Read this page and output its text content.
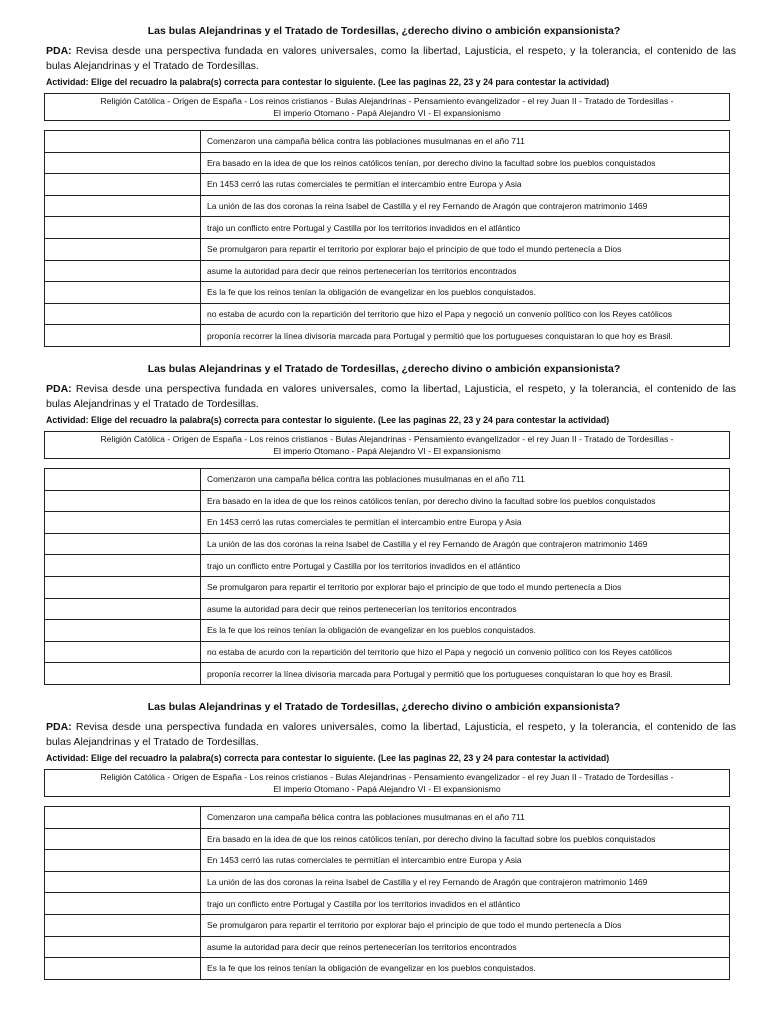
Las bulas Alejandrinas y el Tratado de Tordesillas, ¿derecho divino o ambición expansionista?
PDA: Revisa desde una perspectiva fundada en valores universales, como la libertad, Lajusticia, el respeto, y la tolerancia, el contenido de las bulas Alejandrinas y el Tratado de Tordesillas.
Actividad: Elige del recuadro la palabra(s) correcta para contestar lo siguiente. (Lee las paginas 22, 23 y 24 para contestar la actividad)
Religión Católica - Origen de España - Los reinos cristianos - Bulas Alejandrinas - Pensamiento evangelizador - el rey Juan II - Tratado de Tordesillas -
El imperio Otomano - Papá Alejandro VI - El expansionismo
	Comenzaron una campaña bélica contra las poblaciones musulmanas en el año 711
	Era basado en la idea de que los reinos católicos tenían, por derecho divino la facultad sobre los pueblos conquistados
	En 1453 cerró las rutas comerciales te permitían el intercambio entre Europa y Asia
	La unión de las dos coronas la reina Isabel de Castilla y el rey Fernando de Aragón que contrajeron matrimonio 1469
	trajo un conflicto entre Portugal y Castilla por los territorios invadidos en el atlántico
	Se promulgaron para repartir el territorio por explorar bajo el principio de que todo el mundo pertenecía a Dios
	asume la autoridad para decir que reinos pertenecerían los territorios encontrados
	Es la fe que los reinos tenían la obligación de evangelizar en los pueblos conquistados.
	no estaba de acurdo con la repartición del territorio que hizo el Papa y negoció un convenio político con los Reyes católicos
	proponía recorrer la línea divisoria marcada para Portugal y permitió que los portugueses conquistaran lo que hoy es Brasil.
Las bulas Alejandrinas y el Tratado de Tordesillas, ¿derecho divino o ambición expansionista?
PDA: Revisa desde una perspectiva fundada en valores universales, como la libertad, Lajusticia, el respeto, y la tolerancia, el contenido de las bulas Alejandrinas y el Tratado de Tordesillas.
Actividad: Elige del recuadro la palabra(s) correcta para contestar lo siguiente. (Lee las paginas 22, 23 y 24 para contestar la actividad)
Religión Católica - Origen de España - Los reinos cristianos - Bulas Alejandrinas - Pensamiento evangelizador - el rey Juan II - Tratado de Tordesillas -
El imperio Otomano - Papá Alejandro VI - El expansionismo
	Comenzaron una campaña bélica contra las poblaciones musulmanas en el año 711
	Era basado en la idea de que los reinos católicos tenían, por derecho divino la facultad sobre los pueblos conquistados
	En 1453 cerró las rutas comerciales te permitían el intercambio entre Europa y Asia
	La unión de las dos coronas la reina Isabel de Castilla y el rey Fernando de Aragón que contrajeron matrimonio 1469
	trajo un conflicto entre Portugal y Castilla por los territorios invadidos en el atlántico
	Se promulgaron para repartir el territorio por explorar bajo el principio de que todo el mundo pertenecía a Dios
	asume la autoridad para decir que reinos pertenecerían los territorios encontrados
	Es la fe que los reinos tenían la obligación de evangelizar en los pueblos conquistados.
	no estaba de acurdo con la repartición del territorio que hizo el Papa y negoció un convenio político con los Reyes católicos
	proponía recorrer la línea divisoria marcada para Portugal y permitió que los portugueses conquistaran lo que hoy es Brasil.
Las bulas Alejandrinas y el Tratado de Tordesillas, ¿derecho divino o ambición expansionista?
PDA: Revisa desde una perspectiva fundada en valores universales, como la libertad, Lajusticia, el respeto, y la tolerancia, el contenido de las bulas Alejandrinas y el Tratado de Tordesillas.
Actividad: Elige del recuadro la palabra(s) correcta para contestar lo siguiente. (Lee las paginas 22, 23 y 24 para contestar la actividad)
Religión Católica - Origen de España - Los reinos cristianos - Bulas Alejandrinas - Pensamiento evangelizador - el rey Juan II - Tratado de Tordesillas -
El imperio Otomano - Papá Alejandro VI - El expansionismo
	Comenzaron una campaña bélica contra las poblaciones musulmanas en el año 711
	Era basado en la idea de que los reinos católicos tenían, por derecho divino la facultad sobre los pueblos conquistados
	En 1453 cerró las rutas comerciales te permitían el intercambio entre Europa y Asia
	La unión de las dos coronas la reina Isabel de Castilla y el rey Fernando de Aragón que contrajeron matrimonio 1469
	trajo un conflicto entre Portugal y Castilla por los territorios invadidos en el atlántico
	Se promulgaron para repartir el territorio por explorar bajo el principio de que todo el mundo pertenecía a Dios
	asume la autoridad para decir que reinos pertenecerían los territorios encontrados
	Es la fe que los reinos tenían la obligación de evangelizar en los pueblos conquistados.
